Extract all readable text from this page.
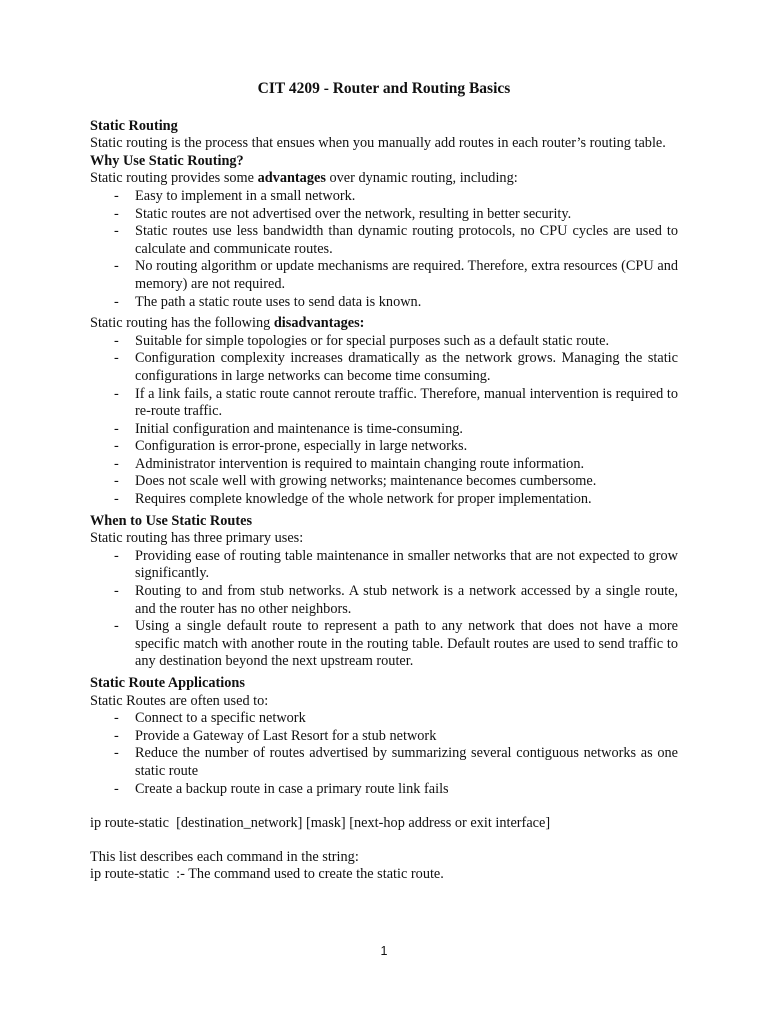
CIT 4209 - Router and Routing Basics
Static Routing
Static routing is the process that ensues when you manually add routes in each router’s routing table.
Why Use Static Routing?
Static routing provides some advantages over dynamic routing, including:
- Easy to implement in a small network.
- Static routes are not advertised over the network, resulting in better security.
- Static routes use less bandwidth than dynamic routing protocols, no CPU cycles are used to calculate and communicate routes.
- No routing algorithm or update mechanisms are required. Therefore, extra resources (CPU and memory) are not required.
- The path a static route uses to send data is known.
Static routing has the following disadvantages:
- Suitable for simple topologies or for special purposes such as a default static route.
- Configuration complexity increases dramatically as the network grows. Managing the static configurations in large networks can become time consuming.
- If a link fails, a static route cannot reroute traffic. Therefore, manual intervention is required to re-route traffic.
- Initial configuration and maintenance is time-consuming.
- Configuration is error-prone, especially in large networks.
- Administrator intervention is required to maintain changing route information.
- Does not scale well with growing networks; maintenance becomes cumbersome.
- Requires complete knowledge of the whole network for proper implementation.
When to Use Static Routes
Static routing has three primary uses:
- Providing ease of routing table maintenance in smaller networks that are not expected to grow significantly.
- Routing to and from stub networks. A stub network is a network accessed by a single route, and the router has no other neighbors.
- Using a single default route to represent a path to any network that does not have a more specific match with another route in the routing table. Default routes are used to send traffic to any destination beyond the next upstream router.
Static Route Applications
Static Routes are often used to:
- Connect to a specific network
- Provide a Gateway of Last Resort for a stub network
- Reduce the number of routes advertised by summarizing several contiguous networks as one static route
- Create a backup route in case a primary route link fails
ip route-static  [destination_network] [mask] [next-hop address or exit interface]
This list describes each command in the string:
ip route-static  :- The command used to create the static route.
1
